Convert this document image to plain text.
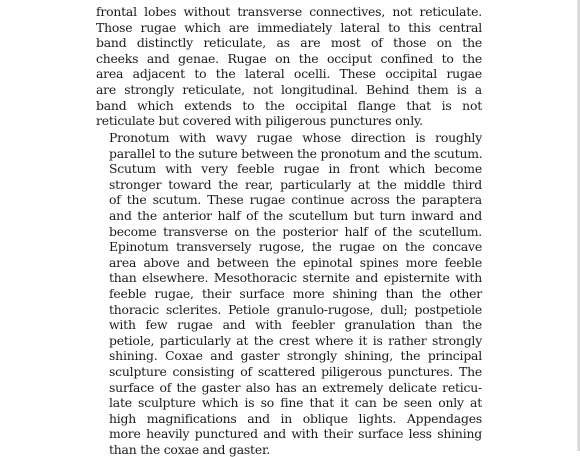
frontal lobes without transverse connectives, not reticulate.
Those rugae which are immediately lateral to this central
band distinctly reticulate, as are most of those on the
cheeks and genae. Rugae on the occiput confined to the
area adjacent to the lateral ocelli. These occipital rugae
are strongly reticulate, not longitudinal. Behind them is a
band which extends to the occipital flange that is not
reticulate but covered with piligerous punctures only.

Pronotum with wavy rugae whose direction is roughly
parallel to the suture between the pronotum and the scutum.
Scutum with very feeble rugae in front which become
stronger toward the rear, particularly at the middle third
of the scutum. These rugae continue across the paraptera
and the anterior half of the scutellum but turn inward and
become transverse on the posterior half of the scutellum.
Epinotum transversely rugose, the rugae on the concave
area above and between the epinotal spines more feeble
than elsewhere. Mesothoracic sternite and episternite with
feeble rugae, their surface more shining than the other
thoracic sclerites. Petiole granulo-rugose, dull; postpetiole
with few rugae and with feebler granulation than the
petiole, particularly at the crest where it is rather strongly
shining. Coxae and gaster strongly shining, the principal
sculpture consisting of scattered piligerous punctures. The
surface of the gaster also has an extremely delicate reticu-
late sculpture which is so fine that it can be seen only at
high magnifications and in oblique lights. Appendages
more heavily punctured and with their surface less shining
than the coxae and gaster.
